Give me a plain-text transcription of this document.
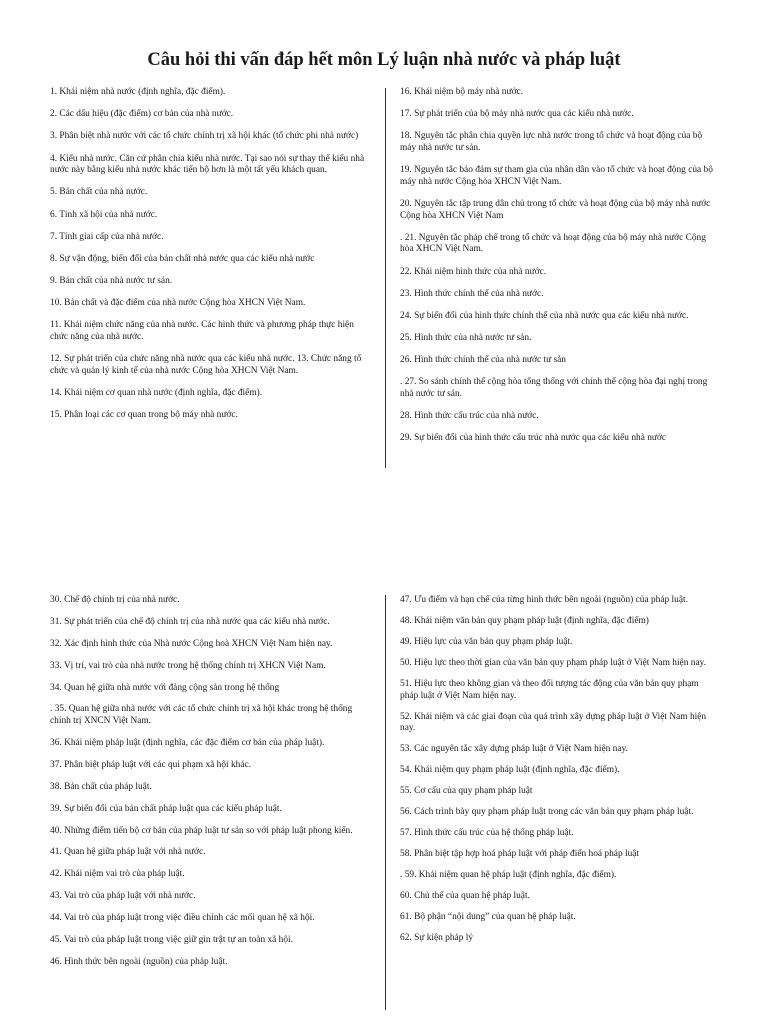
Câu hỏi thi vấn đáp hết môn Lý luận nhà nước và pháp luật

1. Khái niệm nhà nước (định nghĩa, đặc điểm).

2. Các dấu hiệu (đặc điểm) cơ bản của nhà nước.

3. Phân biệt nhà nước với các tổ chức chính trị xã hội khác (tổ chức phi nhà nước)

4. Kiểu nhà nước. Căn cứ phân chia kiểu nhà nước. Tại sao nói sự thay thế kiểu nhà nước này bằng kiểu nhà nước khác tiến bộ hơn là một tất yếu khách quan.

5. Bản chất của nhà nước.

6. Tính xã hội của nhà nước.

7. Tính giai cấp của nhà nước.

8. Sự vận động, biến đổi của bản chất nhà nước qua các kiểu nhà nước

9. Bản chất của nhà nước tư sản.

10. Bản chất và đặc điểm của nhà nước Cộng hòa XHCN Việt Nam.

11. Khái niệm chức năng của nhà nước. Các hình thức và phương pháp thực hiện chức năng của nhà nước.

12. Sự phát triển của chức năng nhà nước qua các kiểu nhà nước. 13. Chức năng tổ chức và quản lý kinh tế của nhà nước Cộng hòa XHCN Việt Nam.

14. Khái niệm cơ quan nhà nước (định nghĩa, đặc điểm).

15. Phân loại các cơ quan trong bộ máy nhà nước.

16. Khái niệm bộ máy nhà nước.

17. Sự phát triển của bộ máy nhà nước qua các kiểu nhà nước.

18. Nguyên tắc phân chia quyền lực nhà nước trong tổ chức và hoạt động của bộ máy nhà nước tư sản.

19. Nguyên tắc bảo đảm sự tham gia của nhân dân vào tổ chức và hoạt động của bộ máy nhà nước Cộng hòa XHCN Việt Nam.

20. Nguyên tắc tập trung dân chủ trong tổ chức và hoạt động của bộ máy nhà nước Cộng hòa XHCN Việt Nam

. 21. Nguyên tắc pháp chế trong tổ chức và hoạt động của bộ máy nhà nước Cộng hòa XHCN Việt Nam.

22. Khái niệm hình thức của nhà nước.

23. Hình thức chính thể của nhà nước.

24. Sự biến đổi của hình thức chính thể của nhà nước qua các kiểu nhà nước.

25. Hình thức của nhà nước tư sản.

26. Hình thức chính thể của nhà nước tư sản

. 27. So sánh chính thể cộng hòa tổng thống với chính thể cộng hòa đại nghị trong nhà nước tư sản.

28. Hình thức cấu trúc của nhà nước.

29. Sự biến đổi của hình thức cấu trúc nhà nước qua các kiểu nhà nước

30. Chế độ chính trị của nhà nước.

31. Sự phát triển của chế độ chính trị của nhà nước qua các kiểu nhà nước.

32. Xác định hình thức của Nhà nước Cộng hoà XHCN Việt Nam hiện nay.

33. Vị trí, vai trò của nhà nước trong hệ thống chính trị XHCN Việt Nam.

34. Quan hệ giữa nhà nước với đảng cộng sản trong hệ thống

. 35. Quan hệ giữa nhà nước với các tổ chức chính trị xã hội khác trong hệ thống chính trị XNCN Việt Nam.

36. Khái niệm pháp luật (định nghĩa, các đặc điểm cơ bản của pháp luật).

37. Phân biệt pháp luật với các qui phạm xã hội khác.

38. Bản chất của pháp luật.

39. Sự biến đổi của bản chất pháp luật qua các kiểu pháp luật.

40. Những điểm tiến bộ cơ bản của pháp luật tư sản so với pháp luật phong kiến.

41. Quan hệ giữa pháp luật với nhà nước.

42. Khái niệm vai trò của pháp luật.

43. Vai trò của pháp luật với nhà nước.

44. Vai trò của pháp luật trong việc điều chỉnh các mối quan hệ xã hội.

45. Vai trò của pháp luật trong việc giữ gìn trật tự an toàn xã hội.

46. Hình thức bên ngoài (nguồn) của pháp luật.

47. Ưu điểm và hạn chế của từng hình thức bên ngoài (nguồn) của pháp luật.

48. Khái niệm văn bản quy phạm pháp luật (định nghĩa, đặc điểm)

49. Hiệu lực của văn bản quy phạm pháp luật.

50. Hiệu lực theo thời gian của văn bản quy phạm pháp luật ở Việt Nam hiện nay.

51. Hiệu lực theo không gian và theo đối tượng tác động của văn bản quy phạm pháp luật ở Việt Nam hiện nay.

52. Khái niệm và các giai đoạn của quá trình xây dựng pháp luật ở Việt Nam hiện nay.

53. Các nguyên tắc xây dựng pháp luật ở Việt Nam hiện nay.

54. Khái niệm quy phạm pháp luật (định nghĩa, đặc điểm).

55. Cơ cấu của quy phạm pháp luật

56. Cách trình bày quy phạm pháp luật trong các văn bản quy phạm pháp luật.

57. Hình thức cấu trúc của hệ thống pháp luật.

58. Phân biệt tập hợp hoá pháp luật với pháp điển hoá pháp luật

. 59. Khái niệm quan hệ pháp luật (định nghĩa, đặc điểm).

60. Chủ thể của quan hệ pháp luật.

61. Bộ phận “nội dung” của quan hệ pháp luật.

62. Sự kiện pháp lý
